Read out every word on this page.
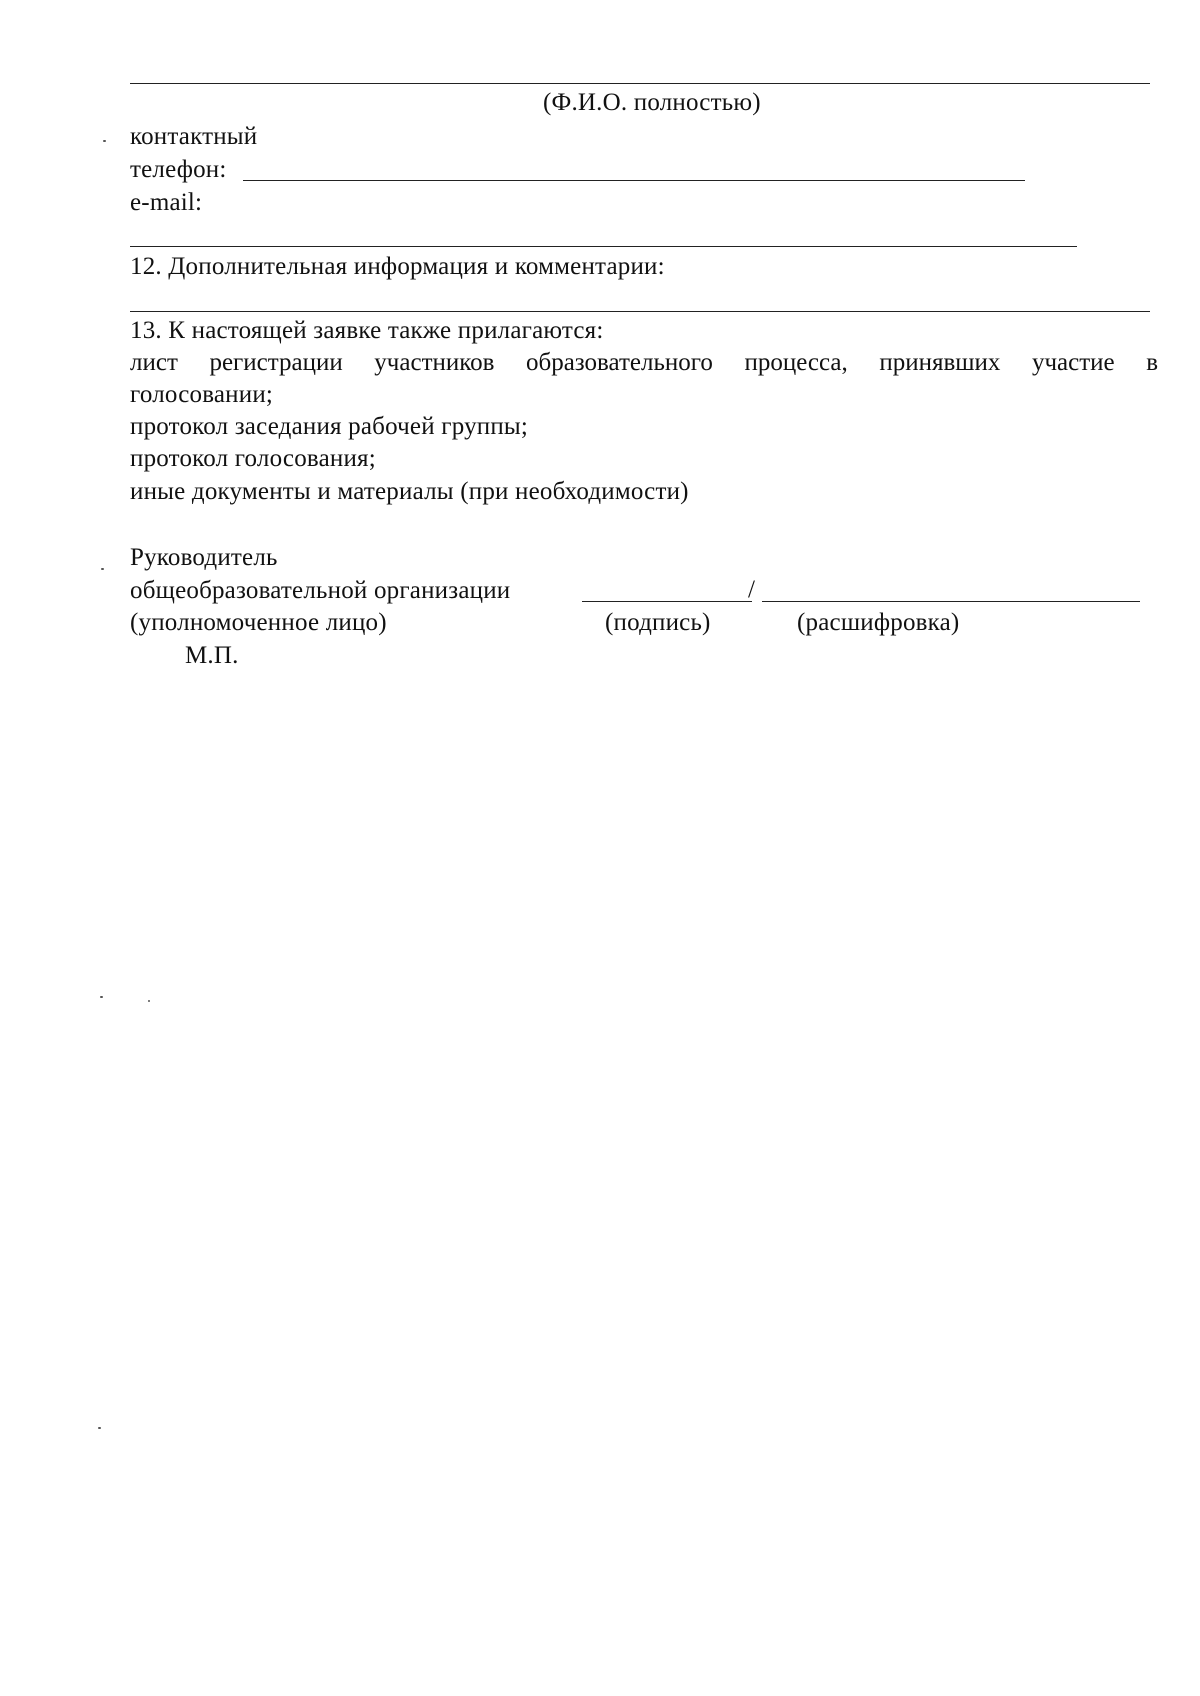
(Ф.И.О. полностью)
контактный
телефон:
e-mail:
12. Дополнительная информация и комментарии:
13. К настоящей заявке также прилагаются:
лист регистрации участников образовательного процесса, принявших участие в
голосовании;
протокол заседания рабочей группы;
протокол голосования;
иные документы и материалы (при необходимости)
Руководитель
общеобразовательной организации	/
(уполномоченное лицо)	(подпись)	(расшифровка)
М.П.
